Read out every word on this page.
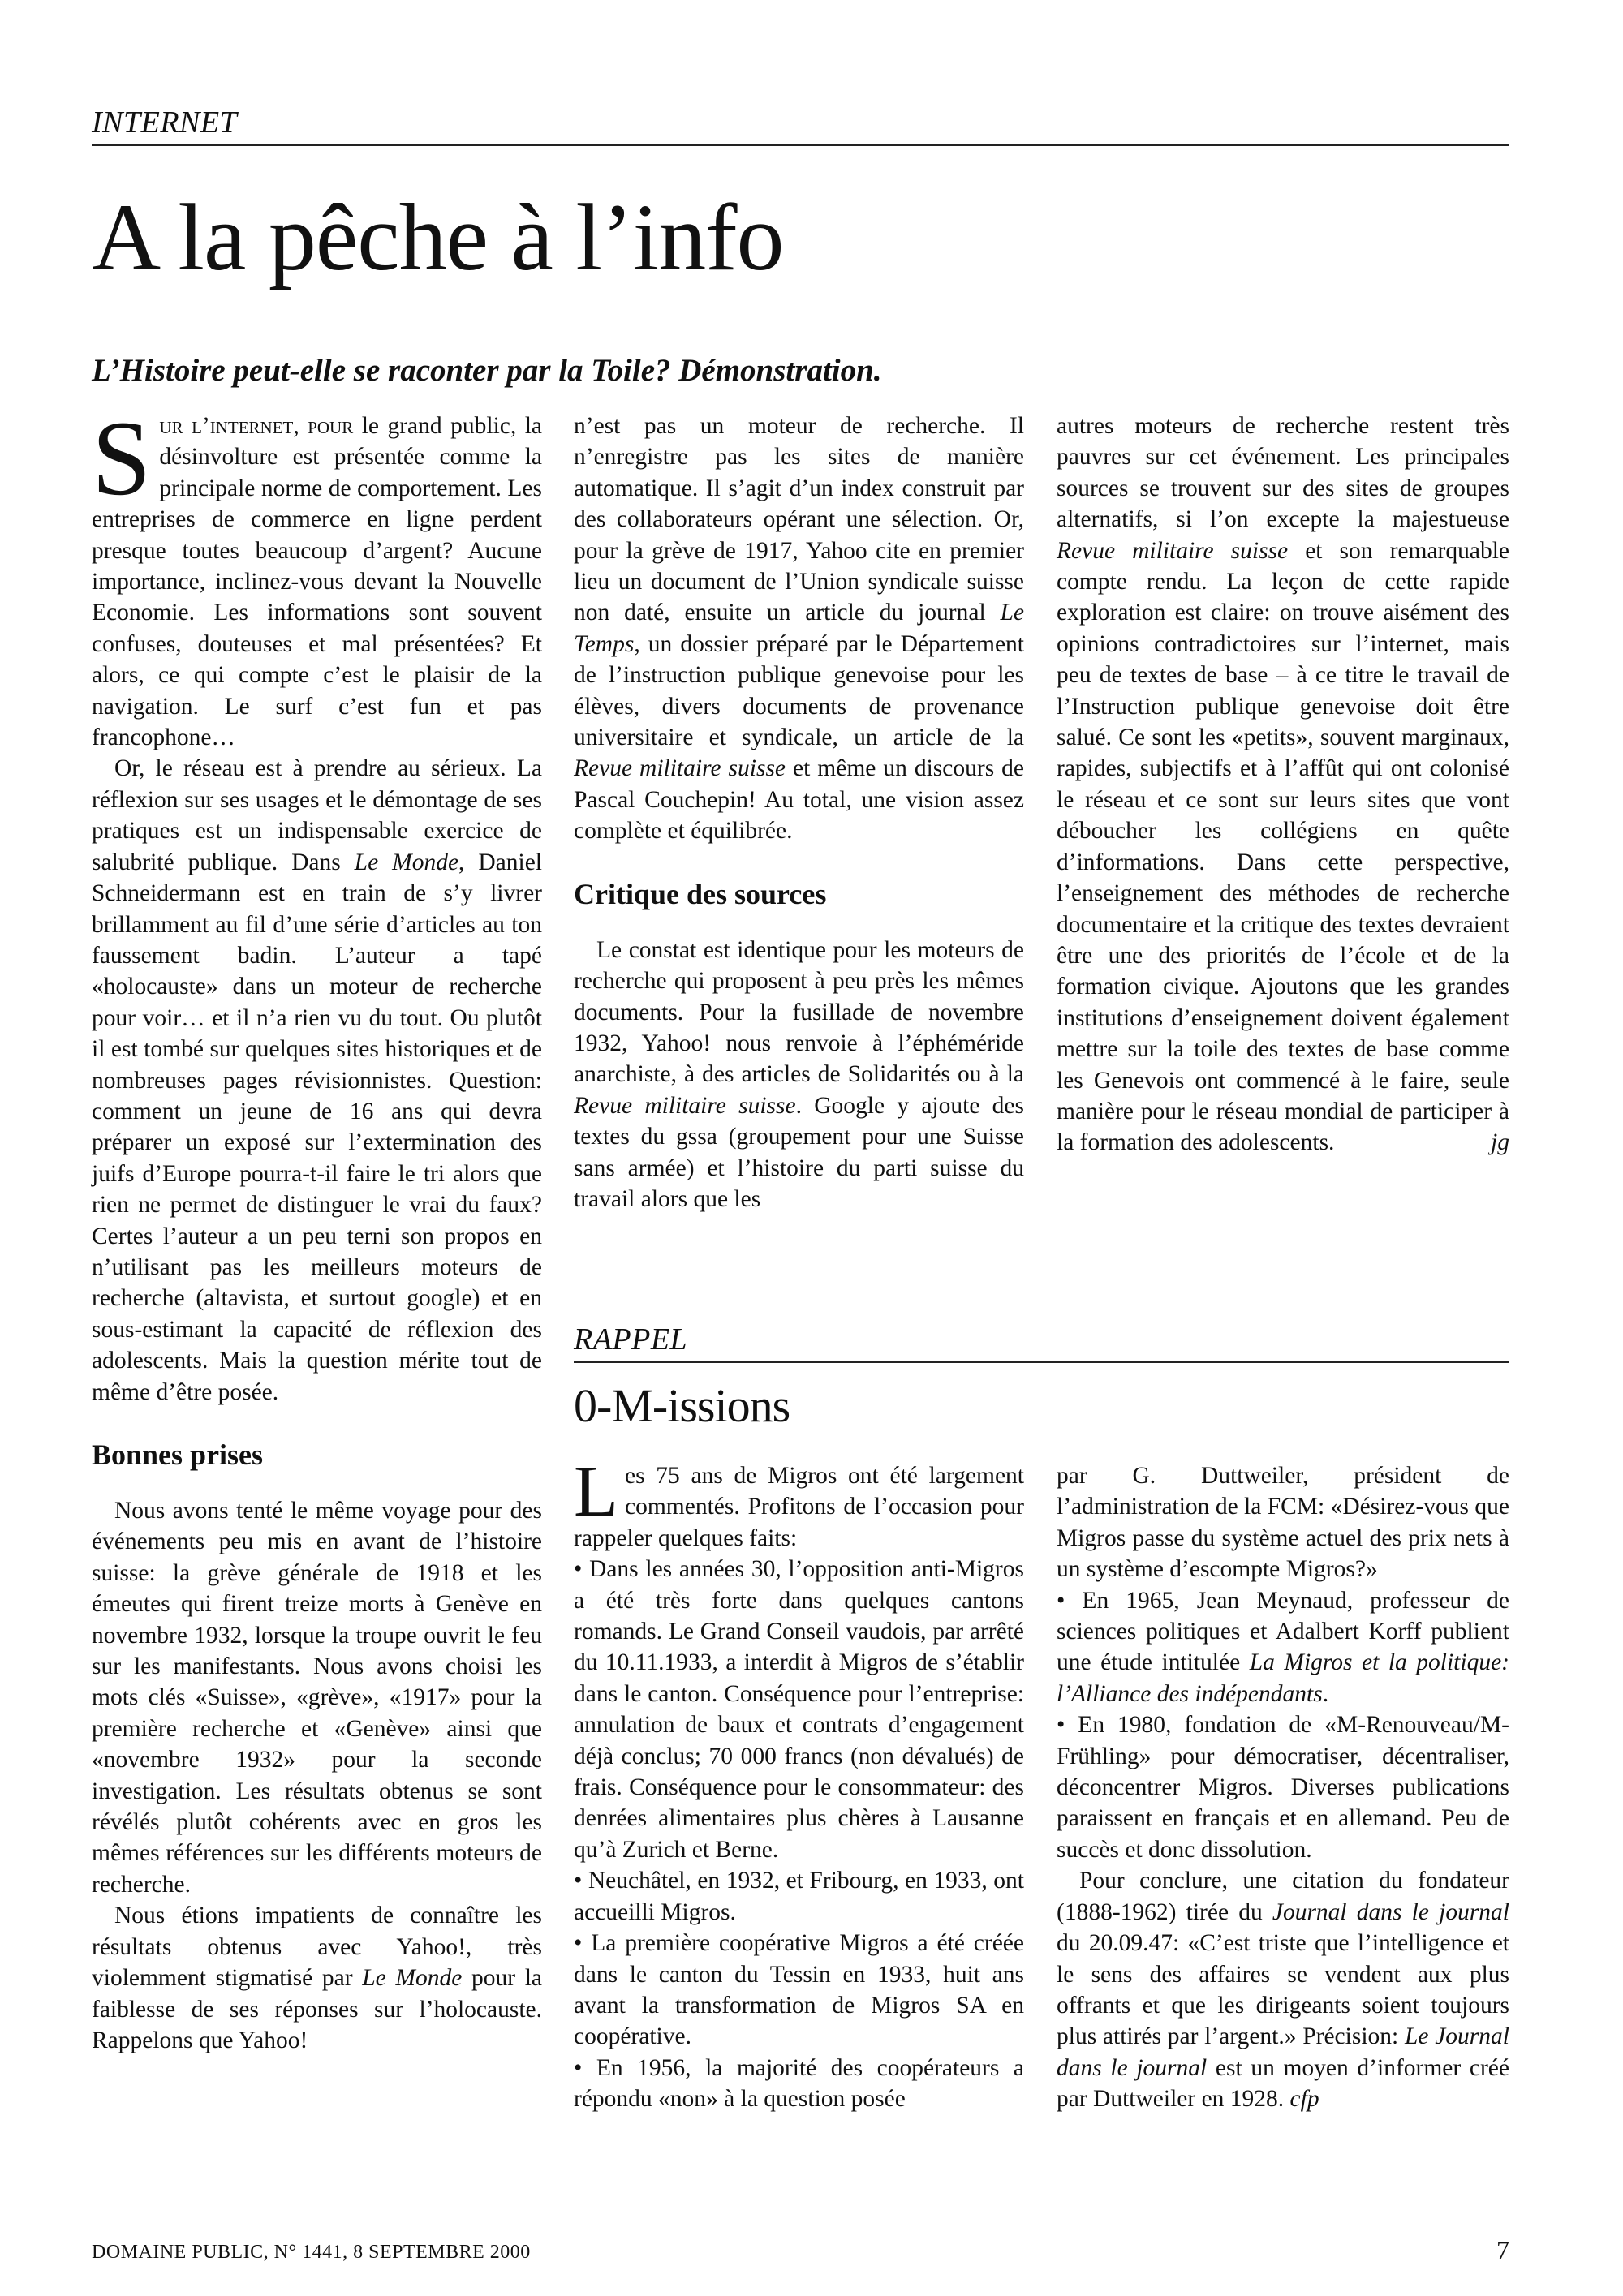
INTERNET
A la pêche à l’info
L’Histoire peut-elle se raconter par la Toile? Démonstration.

Sur l’internet, pour le grand public, la désinvolture est présentée comme la principale norme de comportement. Les entreprises de commerce en ligne perdent presque toutes beaucoup d’argent? Aucune importance, inclinez-vous devant la Nouvelle Economie. Les informations sont souvent confuses, douteuses et mal présentées? Et alors, ce qui compte c’est le plaisir de la navigation. Le surf c’est fun et pas francophone…

Or, le réseau est à prendre au sérieux. La réflexion sur ses usages et le démontage de ses pratiques est un indispensable exercice de salubrité publique. Dans Le Monde, Daniel Schneidermann est en train de s’y livrer brillamment au fil d’une série d’articles au ton faussement badin. L’auteur a tapé «holocauste» dans un moteur de recherche pour voir… et il n’a rien vu du tout. Ou plutôt il est tombé sur quelques sites historiques et de nombreuses pages révisionnistes. Question: comment un jeune de 16 ans qui devra préparer un exposé sur l’extermination des juifs d’Europe pourra-t-il faire le tri alors que rien ne permet de distinguer le vrai du faux? Certes l’auteur a un peu terni son propos en n’utilisant pas les meilleurs moteurs de recherche (altavista, et surtout google) et en sous-estimant la capacité de réflexion des adolescents. Mais la question mérite tout de même d’être posée.

Bonnes prises

Nous avons tenté le même voyage pour des événements peu mis en avant de l’histoire suisse: la grève générale de 1918 et les émeutes qui firent treize morts à Genève en novembre 1932, lorsque la troupe ouvrit le feu sur les manifestants. Nous avons choisi les mots clés «Suisse», «grève», «1917» pour la première recherche et «Genève» ainsi que «novembre 1932» pour la seconde investigation. Les résultats obtenus se sont révélés plutôt cohérents avec en gros les mêmes références sur les différents moteurs de recherche.

Nous étions impatients de connaître les résultats obtenus avec Yahoo!, très violemment stigmatisé par Le Monde pour la faiblesse de ses réponses sur l’holocauste. Rappelons que Yahoo!

n’est pas un moteur de recherche. Il n’enregistre pas les sites de manière automatique. Il s’agit d’un index construit par des collaborateurs opérant une sélection. Or, pour la grève de 1917, Yahoo cite en premier lieu un document de l’Union syndicale suisse non daté, ensuite un article du journal Le Temps, un dossier préparé par le Département de l’instruction publique genevoise pour les élèves, divers documents de provenance universitaire et syndicale, un article de la Revue militaire suisse et même un discours de Pascal Couchepin! Au total, une vision assez complète et équilibrée.

Critique des sources

Le constat est identique pour les moteurs de recherche qui proposent à peu près les mêmes documents. Pour la fusillade de novembre 1932, Yahoo! nous renvoie à l’éphéméride anarchiste, à des articles de Solidarités ou à la Revue militaire suisse. Google y ajoute des textes du gssa (groupement pour une Suisse sans armée) et l’histoire du parti suisse du travail alors que les

autres moteurs de recherche restent très pauvres sur cet événement. Les principales sources se trouvent sur des sites de groupes alternatifs, si l’on excepte la majestueuse Revue militaire suisse et son remarquable compte rendu. La leçon de cette rapide exploration est claire: on trouve aisément des opinions contradictoires sur l’internet, mais peu de textes de base – à ce titre le travail de l’Instruction publique genevoise doit être salué. Ce sont les «petits», souvent marginaux, rapides, subjectifs et à l’affût qui ont colonisé le réseau et ce sont sur leurs sites que vont déboucher les collégiens en quête d’informations. Dans cette perspective, l’enseignement des méthodes de recherche documentaire et la critique des textes devraient être une des priorités de l’école et de la formation civique. Ajoutons que les grandes institutions d’enseignement doivent également mettre sur la toile des textes de base comme les Genevois ont commencé à le faire, seule manière pour le réseau mondial de participer à la formation des adolescents.	jg

RAPPEL
0-M-issions

Les 75 ans de Migros ont été largement commentés. Profitons de l’occasion pour rappeler quelques faits:

• Dans les années 30, l’opposition anti-Migros a été très forte dans quelques cantons romands. Le Grand Conseil vaudois, par arrêté du 10.11.1933, a interdit à Migros de s’établir dans le canton. Conséquence pour l’entreprise: annulation de baux et contrats d’engagement déjà conclus; 70 000 francs (non dévalués) de frais. Conséquence pour le consommateur: des denrées alimentaires plus chères à Lausanne qu’à Zurich et Berne.

• Neuchâtel, en 1932, et Fribourg, en 1933, ont accueilli Migros.

• La première coopérative Migros a été créée dans le canton du Tessin en 1933, huit ans avant la transformation de Migros SA en coopérative.

• En 1956, la majorité des coopérateurs a répondu «non» à la question posée

par G. Duttweiler, président de l’administration de la FCM: «Désirez-vous que Migros passe du système actuel des prix nets à un système d’escompte Migros?»

• En 1965, Jean Meynaud, professeur de sciences politiques et Adalbert Korff publient une étude intitulée La Migros et la politique: l’Alliance des indépendants.

• En 1980, fondation de «M-Renouveau/M-Frühling» pour démocratiser, décentraliser, déconcentrer Migros. Diverses publications paraissent en français et en allemand. Peu de succès et donc dissolution.

Pour conclure, une citation du fondateur (1888-1962) tirée du Journal dans le journal du 20.09.47: «C’est triste que l’intelligence et le sens des affaires se vendent aux plus offrants et que les dirigeants soient toujours plus attirés par l’argent.» Précision: Le Journal dans le journal est un moyen d’informer créé par Duttweiler en 1928. cfp

DOMAINE PUBLIC, N° 1441, 8 SEPTEMBRE 2000	7
